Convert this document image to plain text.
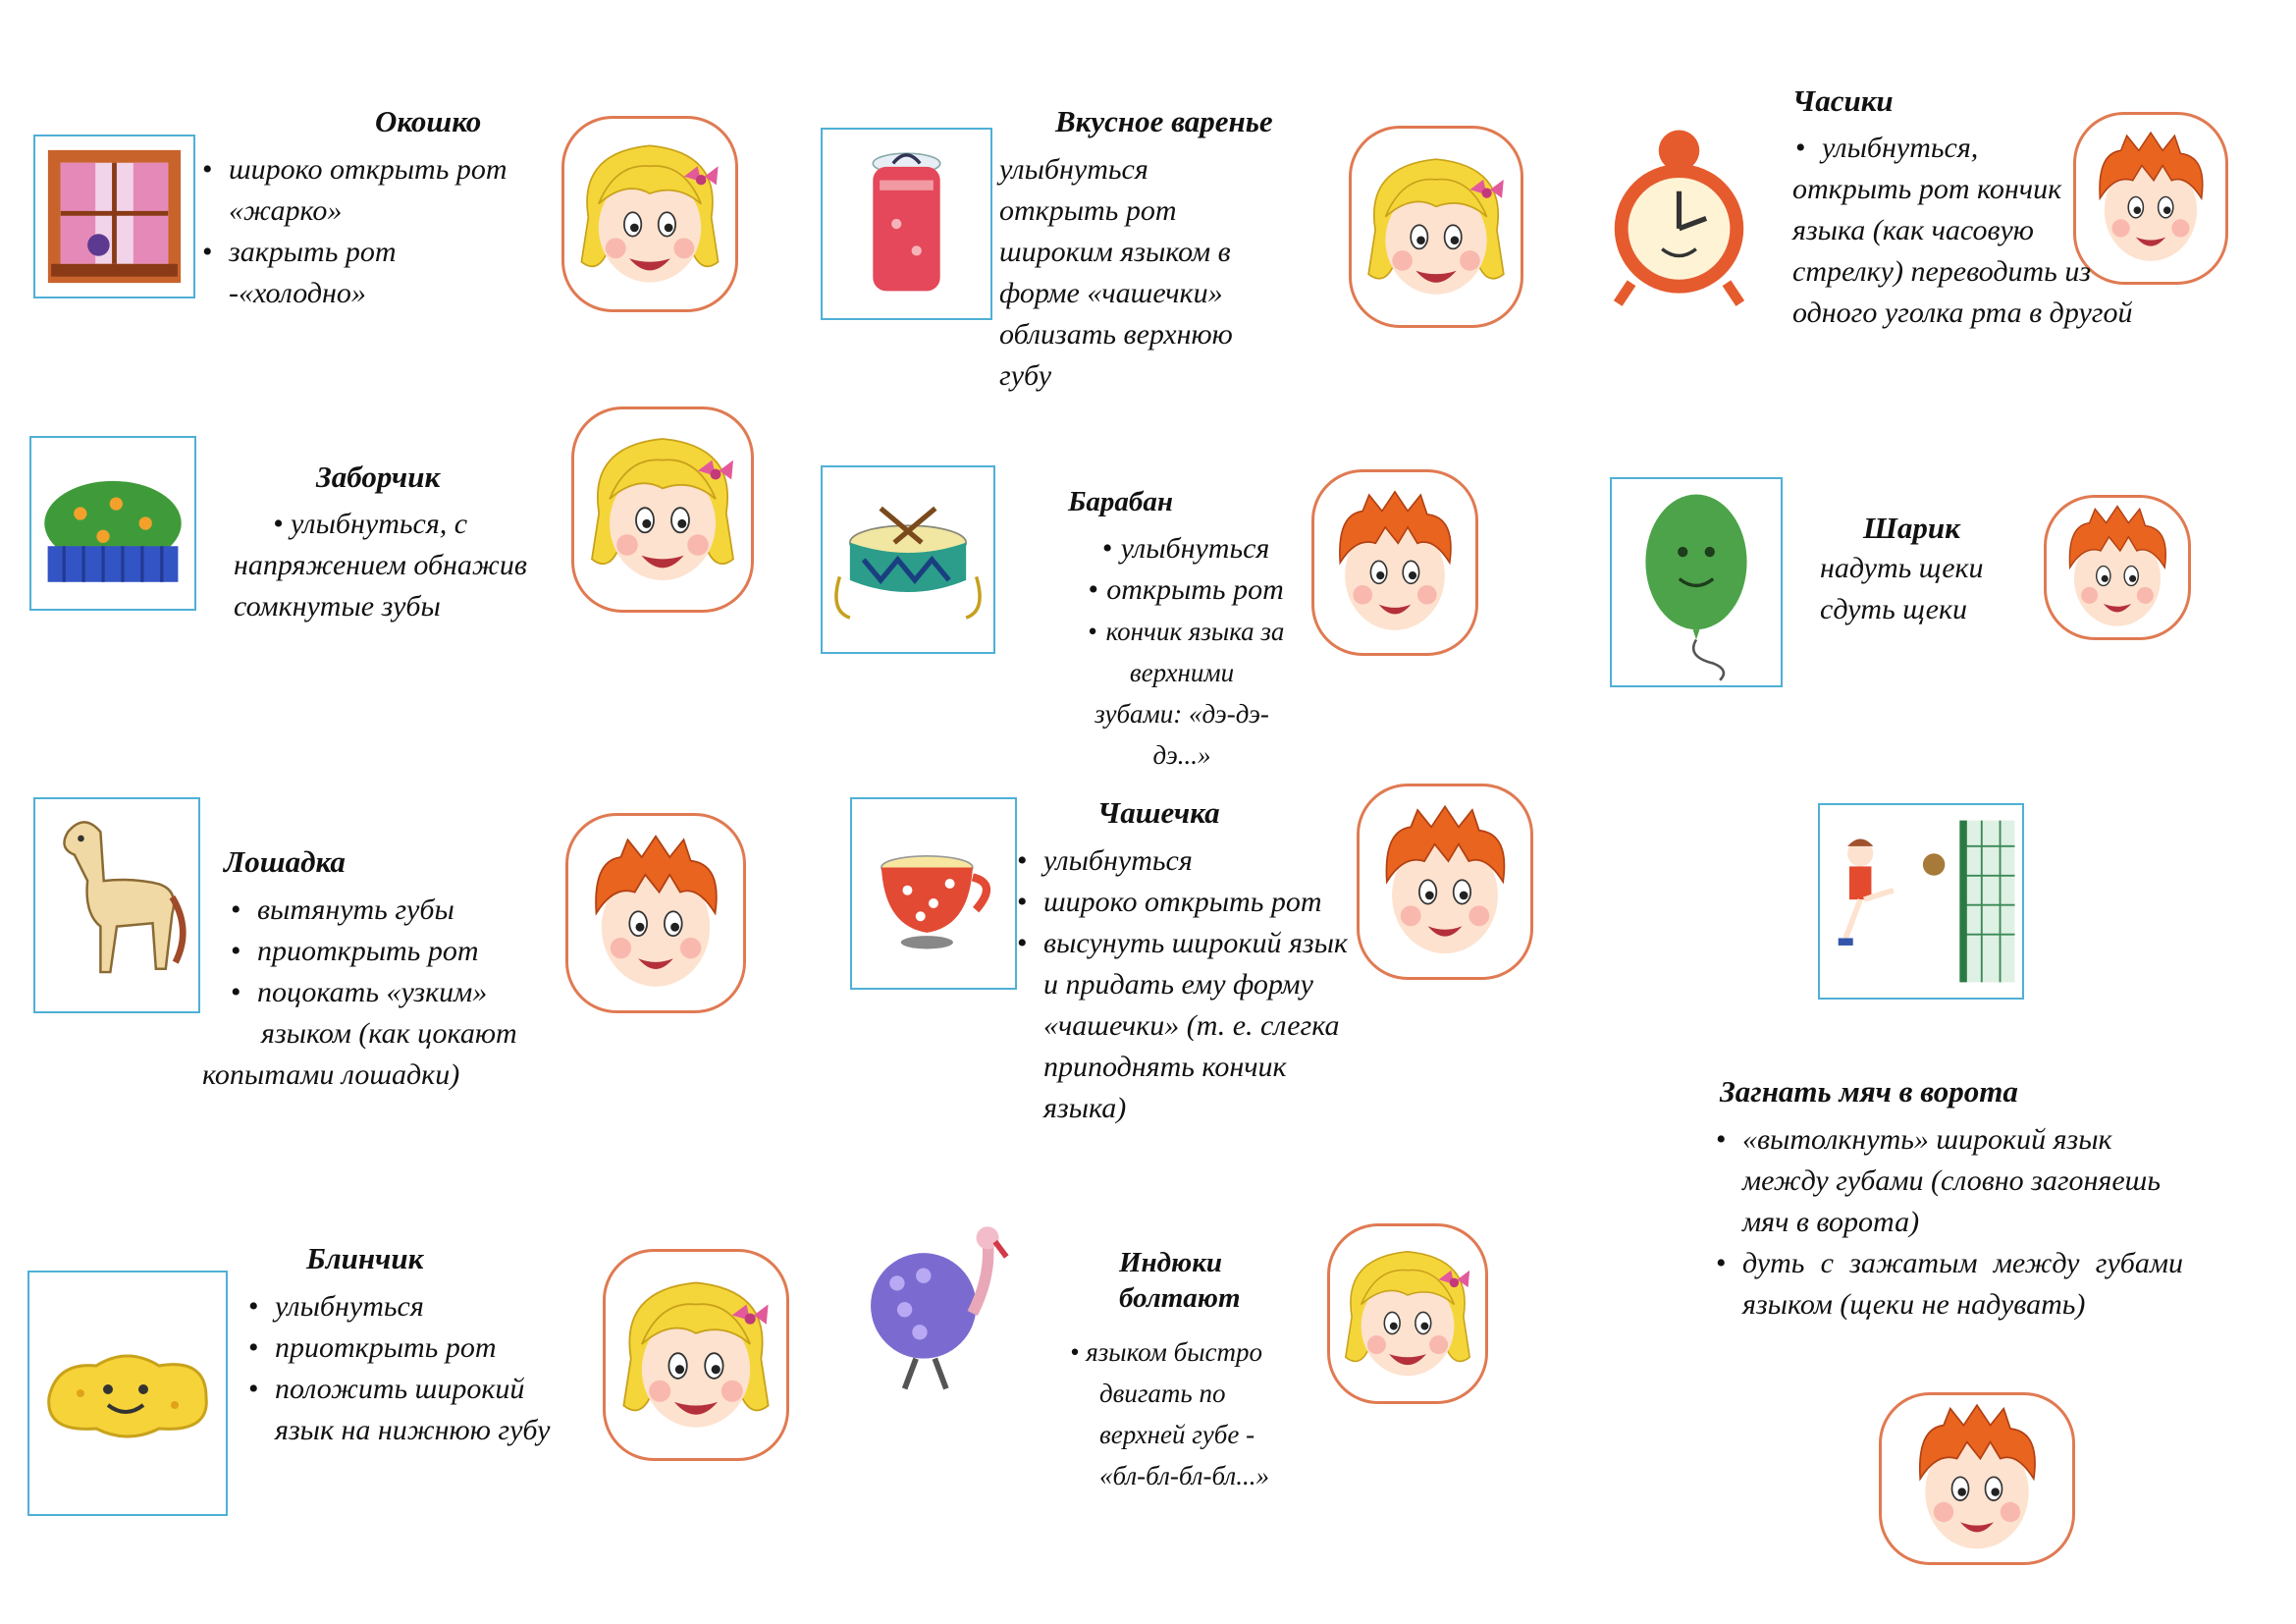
Окошко

• широко открыть рот «жарко»

• закрыть рот

-«холодно»

Вкусное варенье

улыбнуться

открыть рот

широким языком в

форме «чашечки»

облизать верхнюю

губу

Часики

• улыбнуться,

открыть рот кончик

языка (как часовую

стрелку) переводить из

одного уголка рта в другой

Заборчик

• улыбнуться, с

напряжением обнажив

сомкнутые зубы

Барабан

• улыбнуться

• открыть рот

• кончик языка за

верхними

зубами: «дэ-дэ-

дэ...»

Шарик

надуть щеки

сдуть щеки

Лошадка

• вытянуть губы

• приоткрыть рот

• поцокать «узким»

языком (как цокают

копытами лошадки)

Чашечка

• улыбнуться

• широко открыть рот

• высунуть широкий язык и придать ему форму «чашечки» (т. е. слегка приподнять кончик языка)	Загнать мяч в ворота

• «вытолкнуть» широкий язык между губами (словно загоняешь мяч в ворота)

• дуть с зажатым между губами языком (щеки не надувать)

Блинчик

• улыбнуться

• приоткрыть рот

• положить широкий язык на нижнюю губу

Индюки
болтают

• языком быстро

двигать по

верхней губе -

«бл-бл-бл-бл...»
